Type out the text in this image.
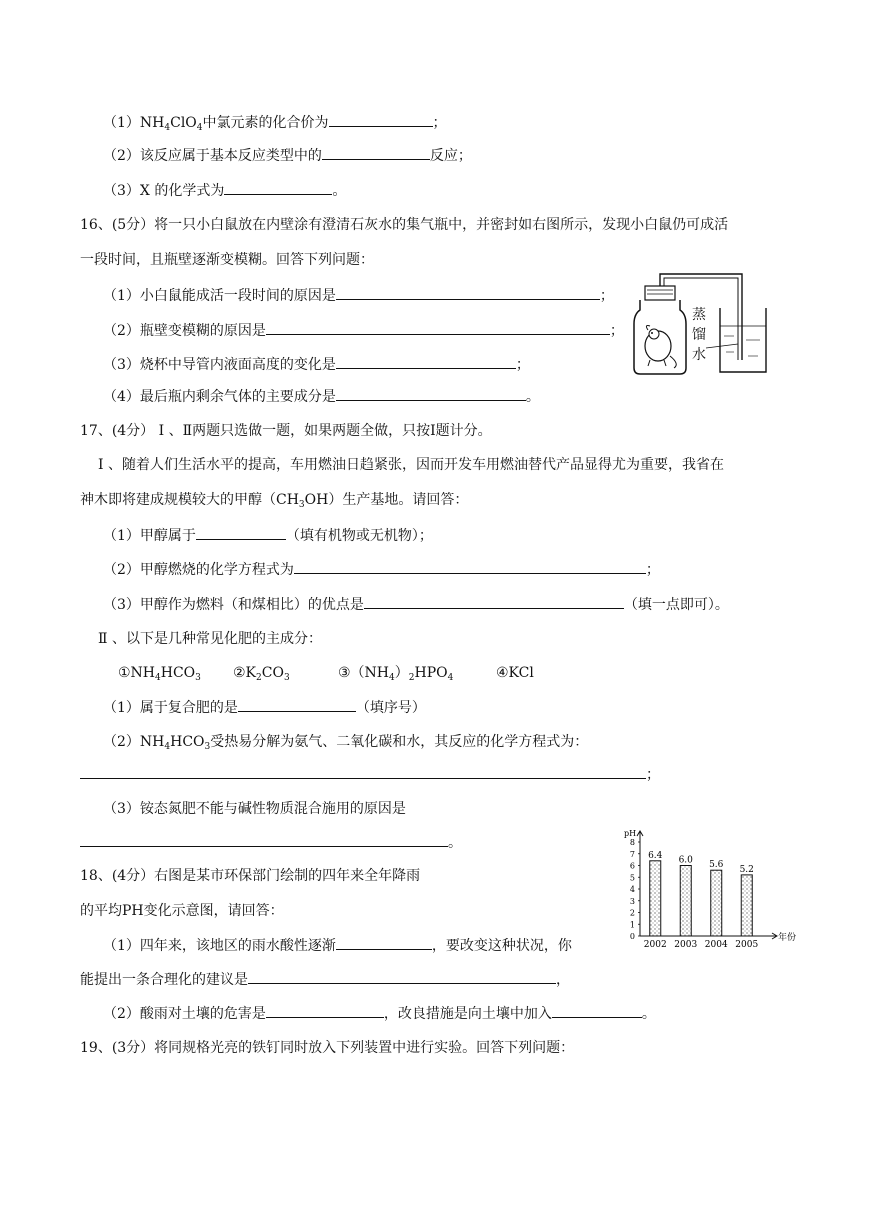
$(1)NH_4ClO_4$中氯元素的化合价为	；
（2）该反应属于基本反应类型中的	反应；
（3）X 的化学式为	。
16、(5分）将一只小白鼠放在内壁涂有澄清石灰水的集气瓶中，并密封如右图所示，发现小白鼠仍可成活
一段时间，且瓶壁逐渐变模糊。回答下列问题：
（1）小白鼠能成活一段时间的原因是	；
（2）瓶壁变模糊的原因是	；
（3）烧杯中导管内液面高度的变化是	；
（4）最后瓶内剩余气体的主要成分是	。
蒸
馏
水
17、(4分） Ⅰ 、Ⅱ两题只选做一题，如果两题全做，只按Ⅰ题计分。
Ⅰ 、随着人们生活水平的提高，车用燃油日趋紧张，因而开发车用燃油替代产品显得尤为重要，我省在
神木即将建成规模较大的甲醇$(CH_3OH)$生产基地。请回答：
（1）甲醇属于	（填有机物或无机物）；
（2）甲醇燃烧的化学方程式为	；
（3）甲醇作为燃料（和煤相比）的优点是	（填一点即可）。
Ⅱ 、以下是几种常见化肥的主成分：
$①NH_4HCO_3$ $②K_2CO_3$	$③(NH_4)_2HPO_4$	④KCl
（1）属于复合肥的是	（填序号）
$(2)NH_4HCO_3$受热易分解为氨气、二氧化碳和水，其反应的化学方程式为：
；
（3）铵态氮肥不能与碱性物质混合施用的原因是
。
18、(4分）右图是某市环保部门绘制的四年来全年降雨
的平均PH变化示意图，请回答：
（1）四年来，该地区的雨水酸性逐渐	，要改变这种状况，你
能提出一条合理化的建议是	，
（2）酸雨对土壤的危害是	，改良措施是向土壤中加入	。
0
1
2
3
4
5
6
7
8
pH
6.4
2002
6.0
2003
5.6
2004
5.2
2005
年份
19、(3分）将同规格光亮的铁钉同时放入下列装置中进行实验。回答下列问题：
